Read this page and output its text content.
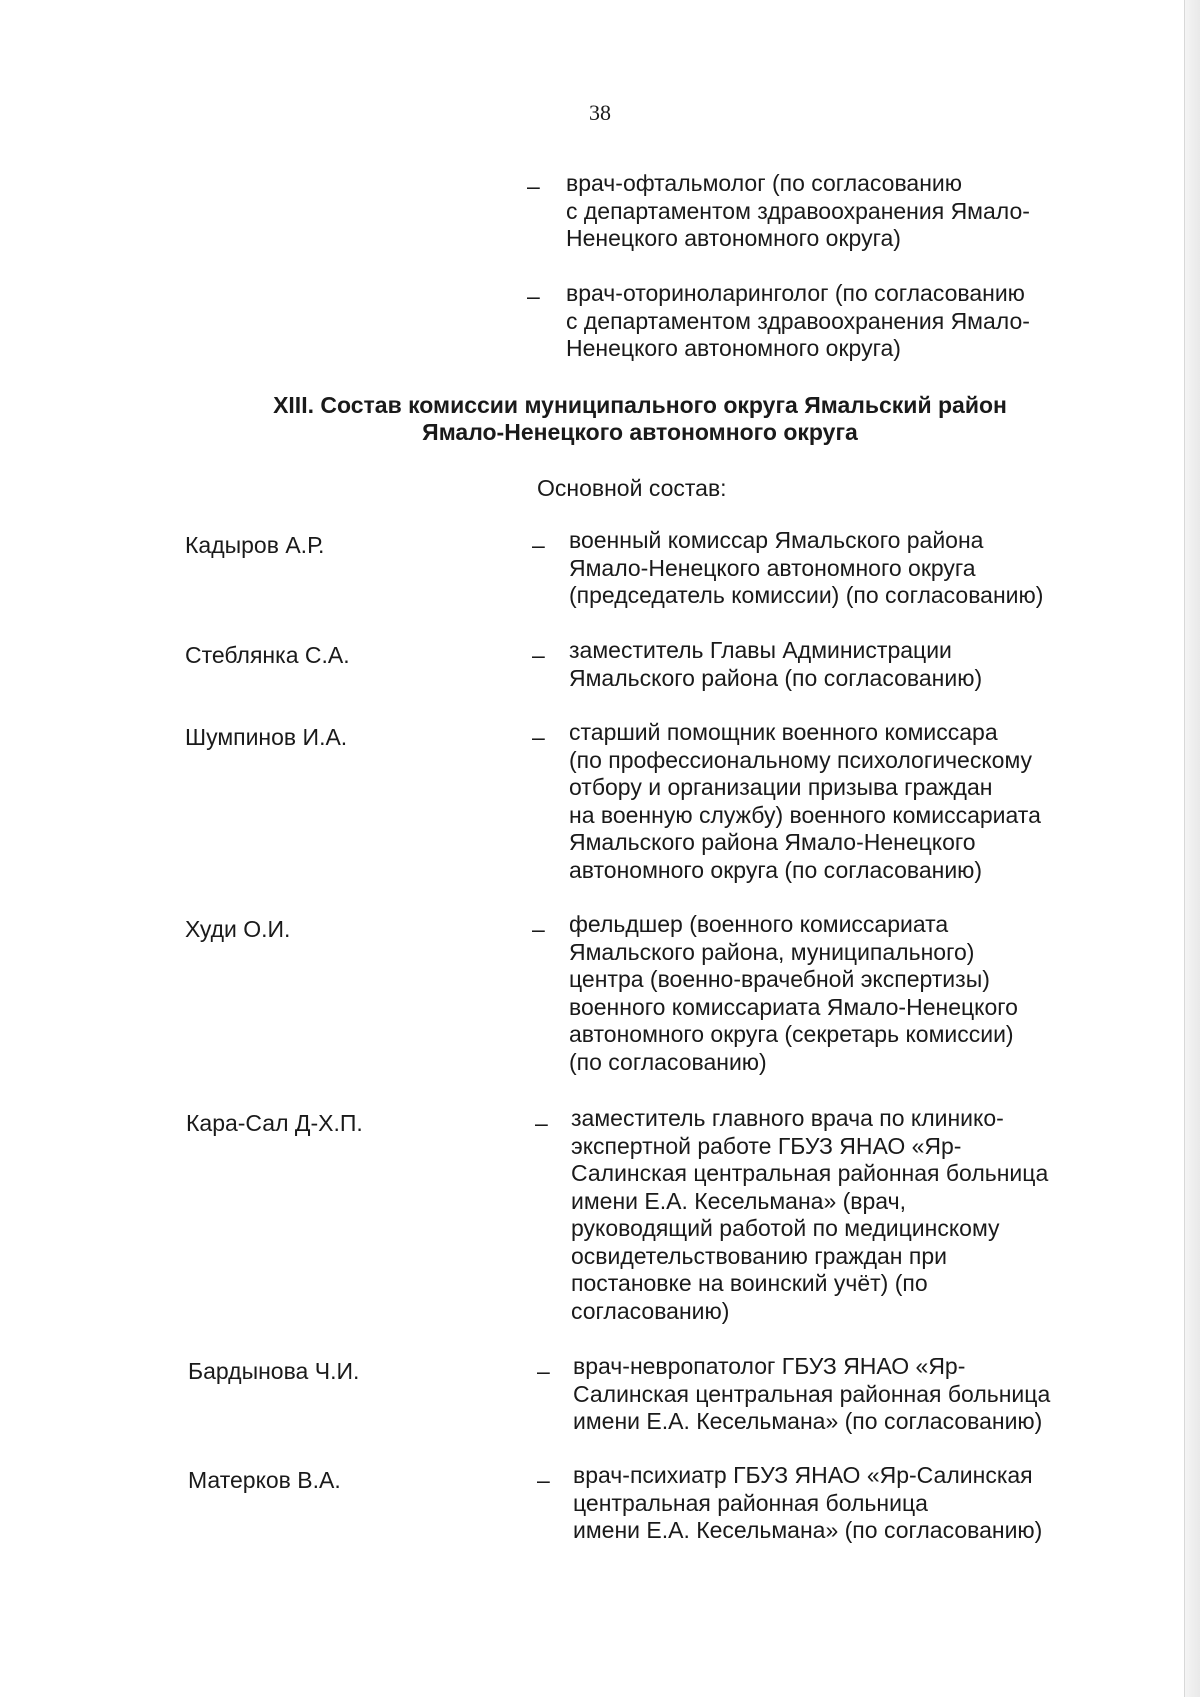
38
– врач-офтальмолог (по согласованию
с департаментом здравоохранения Ямало-
Ненецкого автономного округа)
– врач-оториноларинголог (по согласованию
с департаментом здравоохранения Ямало-
Ненецкого автономного округа)
XIII. Состав комиссии муниципального округа Ямальский район
Ямало-Ненецкого автономного округа
Основной состав:
Кадыров А.Р.	– военный комиссар Ямальского района
Ямало-Ненецкого автономного округа
(председатель комиссии) (по согласованию)
Стеблянка С.А.	– заместитель Главы Администрации
Ямальского района (по согласованию)
Шумпинов И.А.	– старший помощник военного комиссара
(по профессиональному психологическому
отбору и организации призыва граждан
на военную службу) военного комиссариата
Ямальского района Ямало-Ненецкого
автономного округа (по согласованию)
Худи О.И.	– фельдшер (военного комиссариата
Ямальского района, муниципального)
центра (военно-врачебной экспертизы)
военного комиссариата Ямало-Ненецкого
автономного округа (секретарь комиссии)
(по согласованию)
Кара-Сал Д-Х.П.	– заместитель главного врача по клинико-
экспертной работе ГБУЗ ЯНАО «Яр-
Салинская центральная районная больница
имени Е.А. Кесельмана» (врач,
руководящий работой по медицинскому
освидетельствованию граждан при
постановке на воинский учёт) (по
согласованию)
Бардынова Ч.И.	– врач-невропатолог ГБУЗ ЯНАО «Яр-
Салинская центральная районная больница
имени Е.А. Кесельмана» (по согласованию)
Матерков В.А.	– врач-психиатр ГБУЗ ЯНАО «Яр-Салинская
центральная районная больница
имени Е.А. Кесельмана» (по согласованию)
